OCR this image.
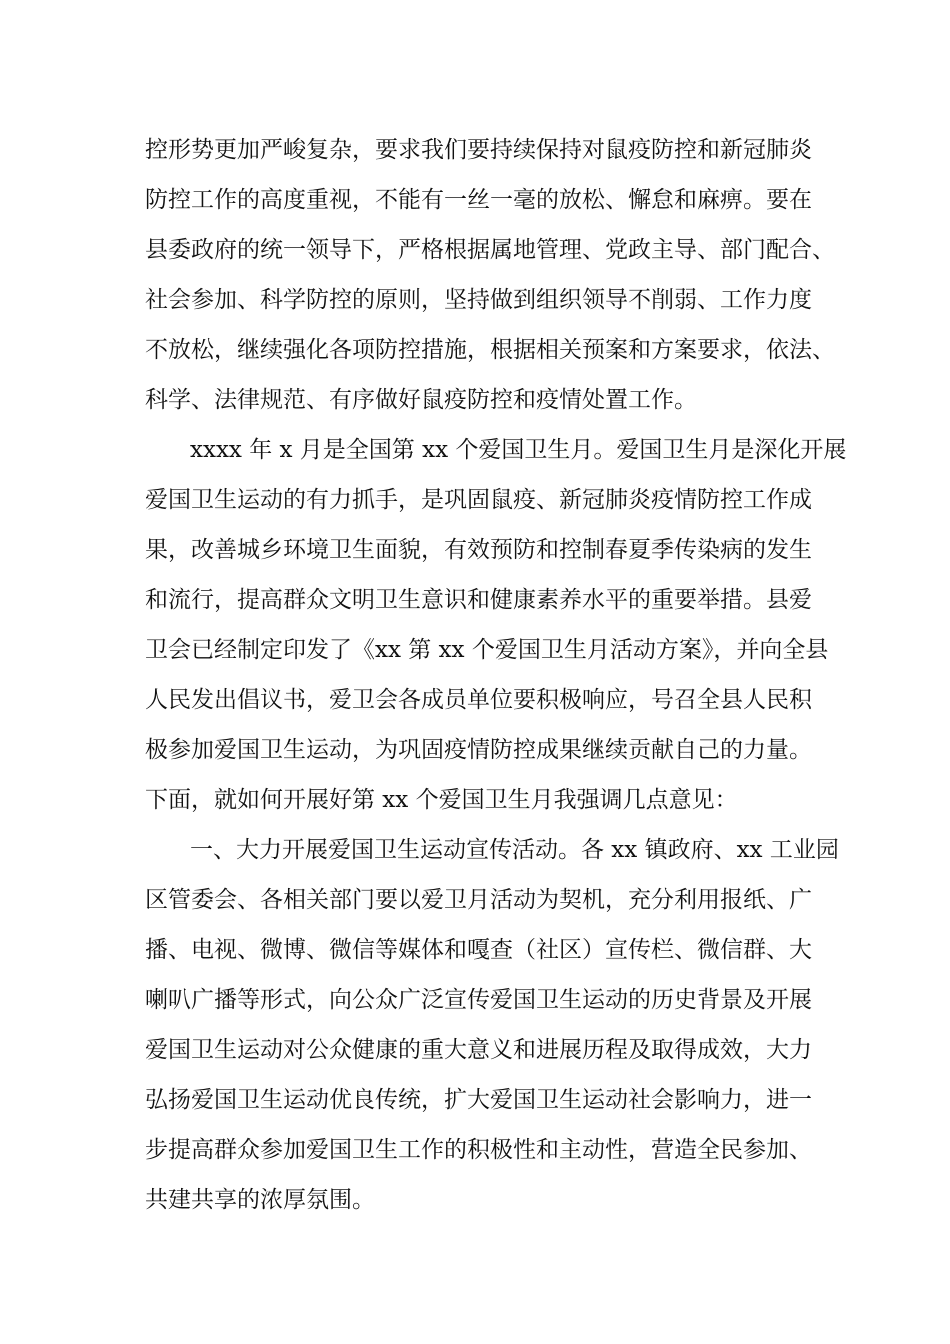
控形势更加严峻复杂，要求我们要持续保持对鼠疫防控和新冠肺炎
防控工作的高度重视，不能有一丝一毫的放松、懈怠和麻痹。要在
县委政府的统一领导下，严格根据属地管理、党政主导、部门配合、
社会参加、科学防控的原则，坚持做到组织领导不削弱、工作力度
不放松，继续强化各项防控措施，根据相关预案和方案要求，依法、
科学、法律规范、有序做好鼠疫防控和疫情处置工作。
xxxx 年 x 月是全国第 xx 个爱国卫生月。爱国卫生月是深化开展
爱国卫生运动的有力抓手，是巩固鼠疫、新冠肺炎疫情防控工作成
果，改善城乡环境卫生面貌，有效预防和控制春夏季传染病的发生
和流行，提高群众文明卫生意识和健康素养水平的重要举措。县爱
卫会已经制定印发了《xx 第 xx 个爱国卫生月活动方案》，并向全县
人民发出倡议书，爱卫会各成员单位要积极响应，号召全县人民积
极参加爱国卫生运动，为巩固疫情防控成果继续贡献自己的力量。
下面，就如何开展好第 xx 个爱国卫生月我强调几点意见：
一、大力开展爱国卫生运动宣传活动。各 xx 镇政府、xx 工业园
区管委会、各相关部门要以爱卫月活动为契机，充分利用报纸、广
播、电视、微博、微信等媒体和嘎查（社区）宣传栏、微信群、大
喇叭广播等形式，向公众广泛宣传爱国卫生运动的历史背景及开展
爱国卫生运动对公众健康的重大意义和进展历程及取得成效，大力
弘扬爱国卫生运动优良传统，扩大爱国卫生运动社会影响力，进一
步提高群众参加爱国卫生工作的积极性和主动性，营造全民参加、
共建共享的浓厚氛围。
